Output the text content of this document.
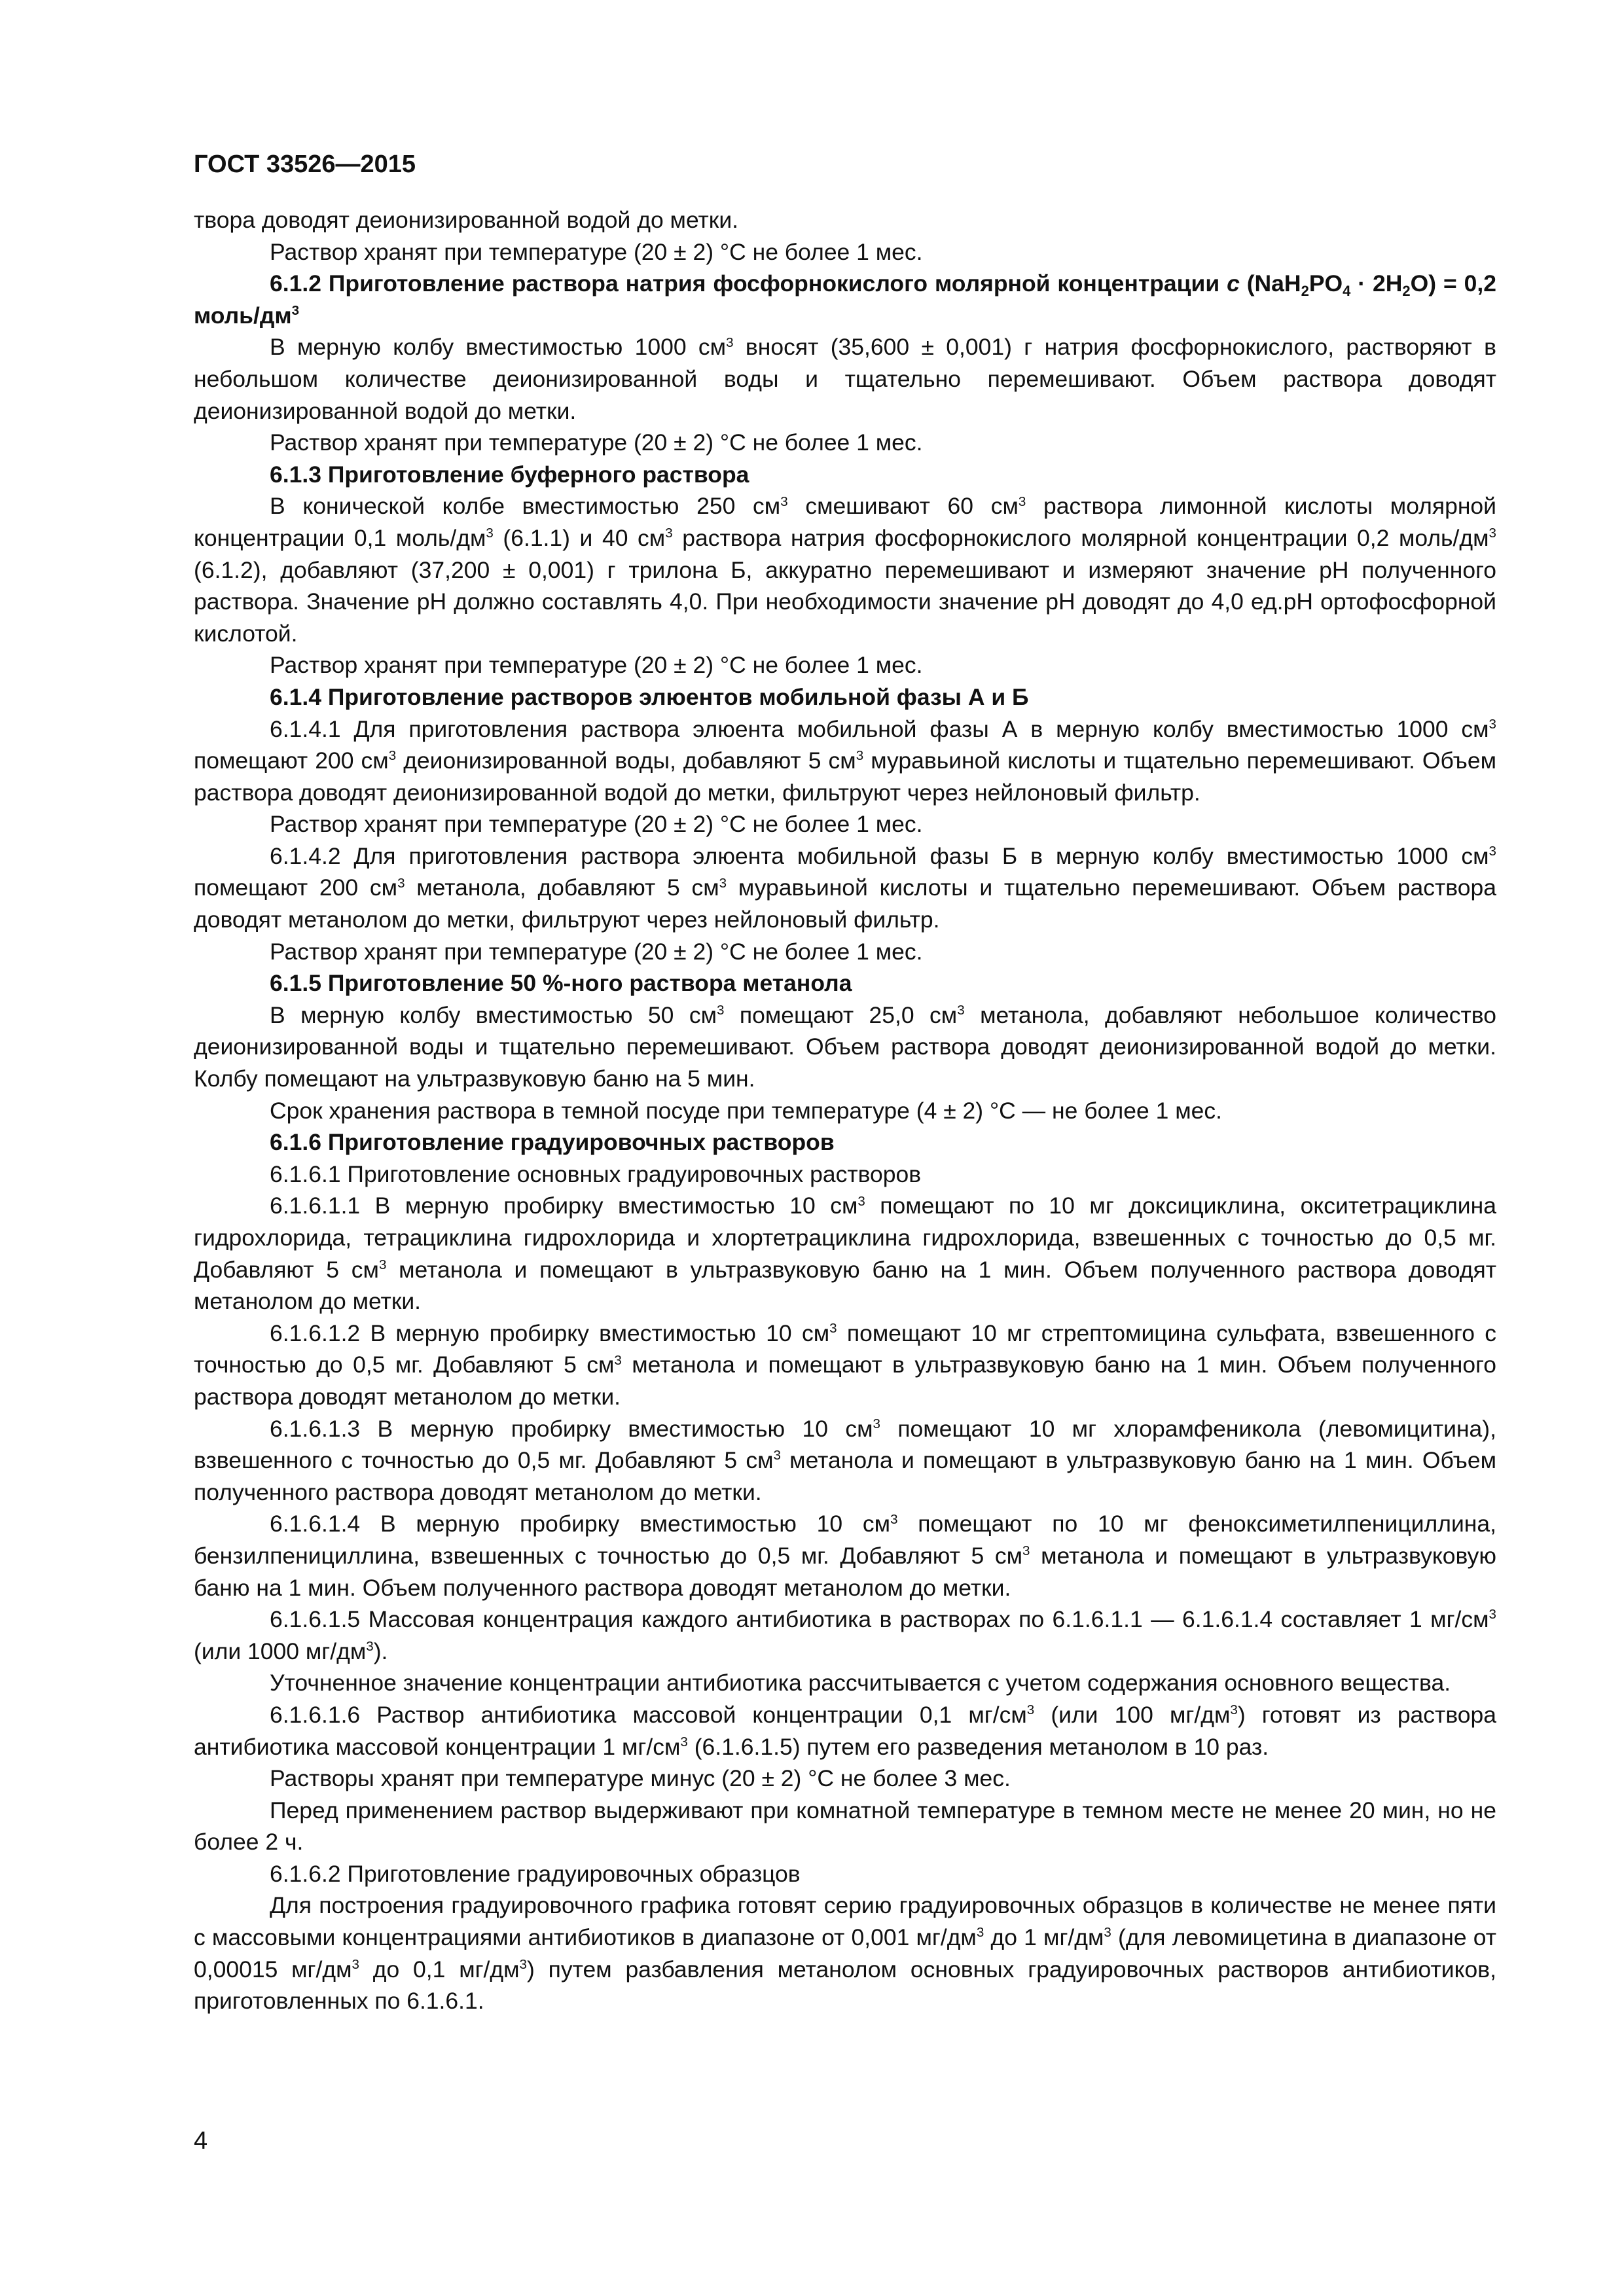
ГОСТ 33526—2015

твора доводят деионизированной водой до метки.

Раствор хранят при температуре (20 ± 2) °С не более 1 мес.

6.1.2 Приготовление раствора натрия фосфорнокислого молярной концентрации c $(NaH_2PO_4 \cdot 2H_2O) = 0,2$ моль/$дм^3$

В мерную колбу вместимостью 1000 $см^3$ вносят (35,600 ± 0,001) г натрия фосфорнокислого, растворяют в небольшом количестве деионизированной воды и тщательно перемешивают. Объем раствора доводят деионизированной водой до метки.

Раствор хранят при температуре (20 ± 2) °С не более 1 мес.

6.1.3 Приготовление буферного раствора

В конической колбе вместимостью 250 $см^3$ смешивают 60 $см^3$ раствора лимонной кислоты молярной концентрации 0,1 моль/$дм^3$ (6.1.1) и 40 $см^3$ раствора натрия фосфорнокислого молярной концентрации 0,2 моль/$дм^3$ (6.1.2), добавляют (37,200 ± 0,001) г трилона Б, аккуратно перемешивают и измеряют значение рН полученного раствора. Значение рН должно составлять 4,0. При необходимости значение рН доводят до 4,0 ед.рН ортофосфорной кислотой.

Раствор хранят при температуре (20 ± 2) °С не более 1 мес.

6.1.4 Приготовление растворов элюентов мобильной фазы А и Б

6.1.4.1 Для приготовления раствора элюента мобильной фазы А в мерную колбу вместимостью 1000 $см^3$ помещают 200 $см^3$ деионизированной воды, добавляют 5 $см^3$ муравьиной кислоты и тщательно перемешивают. Объем раствора доводят деионизированной водой до метки, фильтруют через нейлоновый фильтр.

Раствор хранят при температуре (20 ± 2) °С не более 1 мес.

6.1.4.2 Для приготовления раствора элюента мобильной фазы Б в мерную колбу вместимостью 1000 $см^3$ помещают 200 $см^3$ метанола, добавляют 5 $см^3$ муравьиной кислоты и тщательно перемешивают. Объем раствора доводят метанолом до метки, фильтруют через нейлоновый фильтр.

Раствор хранят при температуре (20 ± 2) °С не более 1 мес.

6.1.5 Приготовление 50 %-ного раствора метанола

В мерную колбу вместимостью 50 $см^3$ помещают 25,0 $см^3$ метанола, добавляют небольшое количество деионизированной воды и тщательно перемешивают. Объем раствора доводят деионизированной водой до метки. Колбу помещают на ультразвуковую баню на 5 мин.

Срок хранения раствора в темной посуде при температуре (4 ± 2) °С — не более 1 мес.

6.1.6 Приготовление градуировочных растворов

6.1.6.1 Приготовление основных градуировочных растворов

6.1.6.1.1 В мерную пробирку вместимостью 10 $см^3$ помещают по 10 мг доксициклина, окситетрациклина гидрохлорида, тетрациклина гидрохлорида и хлортетрациклина гидрохлорида, взвешенных с точностью до 0,5 мг. Добавляют 5 $см^3$ метанола и помещают в ультразвуковую баню на 1 мин. Объем полученного раствора доводят метанолом до метки.

6.1.6.1.2 В мерную пробирку вместимостью 10 $см^3$ помещают 10 мг стрептомицина сульфата, взвешенного с точностью до 0,5 мг. Добавляют 5 $см^3$ метанола и помещают в ультразвуковую баню на 1 мин. Объем полученного раствора доводят метанолом до метки.

6.1.6.1.3 В мерную пробирку вместимостью 10 $см^3$ помещают 10 мг хлорамфеникола (левомицитина), взвешенного с точностью до 0,5 мг. Добавляют 5 $см^3$ метанола и помещают в ультразвуковую баню на 1 мин. Объем полученного раствора доводят метанолом до метки.

6.1.6.1.4 В мерную пробирку вместимостью 10 $см^3$ помещают по 10 мг феноксиметилпенициллина, бензилпенициллина, взвешенных с точностью до 0,5 мг. Добавляют 5 $см^3$ метанола и помещают в ультразвуковую баню на 1 мин. Объем полученного раствора доводят метанолом до метки.

6.1.6.1.5 Массовая концентрация каждого антибиотика в растворах по 6.1.6.1.1 — 6.1.6.1.4 составляет 1 $мг/см^3$ (или 1000 $мг/дм^3$).

Уточненное значение концентрации антибиотика рассчитывается с учетом содержания основного вещества.

6.1.6.1.6 Раствор антибиотика массовой концентрации 0,1 $мг/см^3$ (или 100 $мг/дм^3$) готовят из раствора антибиотика массовой концентрации 1 $мг/см^3$ (6.1.6.1.5) путем его разведения метанолом в 10 раз.

Растворы хранят при температуре минус (20 ± 2) °С не более 3 мес.

Перед применением раствор выдерживают при комнатной температуре в темном месте не менее 20 мин, но не более 2 ч.

6.1.6.2 Приготовление градуировочных образцов

Для построения градуировочного графика готовят серию градуировочных образцов в количестве не менее пяти с массовыми концентрациями антибиотиков в диапазоне от 0,001 $мг/дм^3$ до 1 $мг/дм^3$ (для левомицетина в диапазоне от 0,00015 $мг/дм^3$ до 0,1 $мг/дм^3$) путем разбавления метанолом основных градуировочных растворов антибиотиков, приготовленных по 6.1.6.1.

4
